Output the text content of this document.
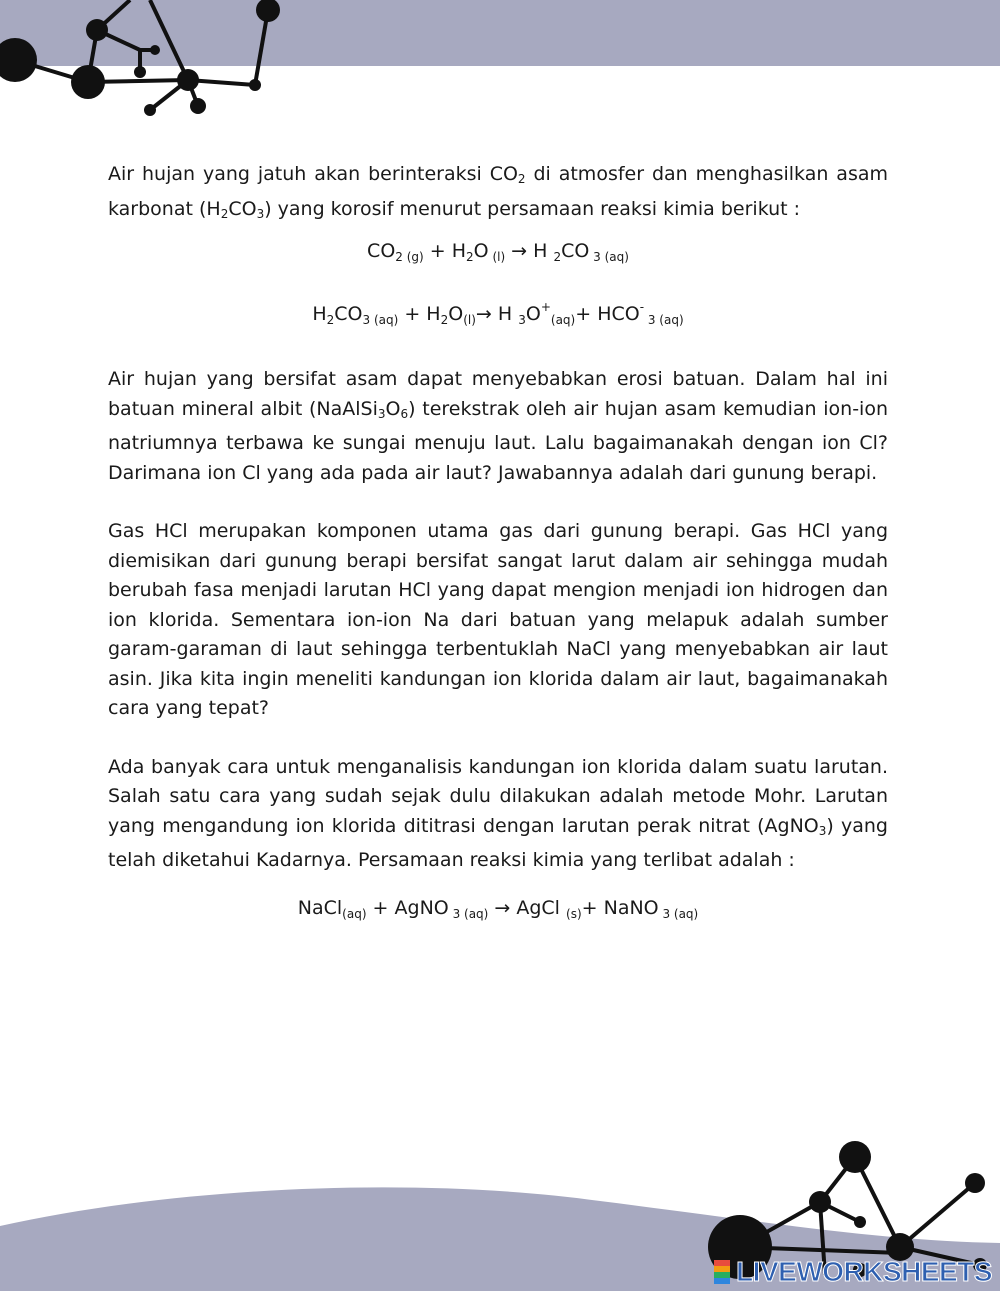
Air hujan yang jatuh akan berinteraksi $CO_2$ di atmosfer dan menghasilkan asam karbonat $(H_2CO_3)$ yang korosif menurut persamaan reaksi kimia berikut :

$CO_{2 (g)} + H_2O$ $_{(l)}$ → H $_2$CO $_{3 (aq)}$

$H_2CO_{3 (aq)} + H_2O_{(l)}\to H$ $_3O^+_{(aq)}+ HCO^-$ $_{3 (aq)}$

Air hujan yang bersifat asam dapat menyebabkan erosi batuan. Dalam hal ini batuan mineral albit $(NaAlSi_3O_6)$ terekstrak oleh air hujan asam kemudian ion-ion natriumnya terbawa ke sungai menuju laut. Lalu bagaimanakah dengan ion Cl? Darimana ion Cl yang ada pada air laut? Jawabannya adalah dari gunung berapi.

Gas HCl merupakan komponen utama gas dari gunung berapi. Gas HCl yang diemisikan dari gunung berapi bersifat sangat larut dalam air sehingga mudah berubah fasa menjadi larutan HCl yang dapat mengion menjadi ion hidrogen dan ion klorida. Sementara ion-ion Na dari batuan yang melapuk adalah sumber garam-garaman di laut sehingga terbentuklah NaCl yang menyebabkan air laut asin. Jika kita ingin meneliti kandungan ion klorida dalam air laut, bagaimanakah cara yang tepat?

Ada banyak cara untuk menganalisis kandungan ion klorida dalam suatu larutan. Salah satu cara yang sudah sejak dulu dilakukan adalah metode Mohr. Larutan yang mengandung ion klorida dititrasi dengan larutan perak nitrat (AgNO$_3$) yang telah diketahui Kadarnya. Persamaan reaksi kimia yang terlibat adalah :

NaCl$_{(aq)}$ + AgNO $_{3 (aq)}$ → AgCl $_{(s)}$+ NaNO $_{3 (aq)}$

LIVEWORKSHEETS
